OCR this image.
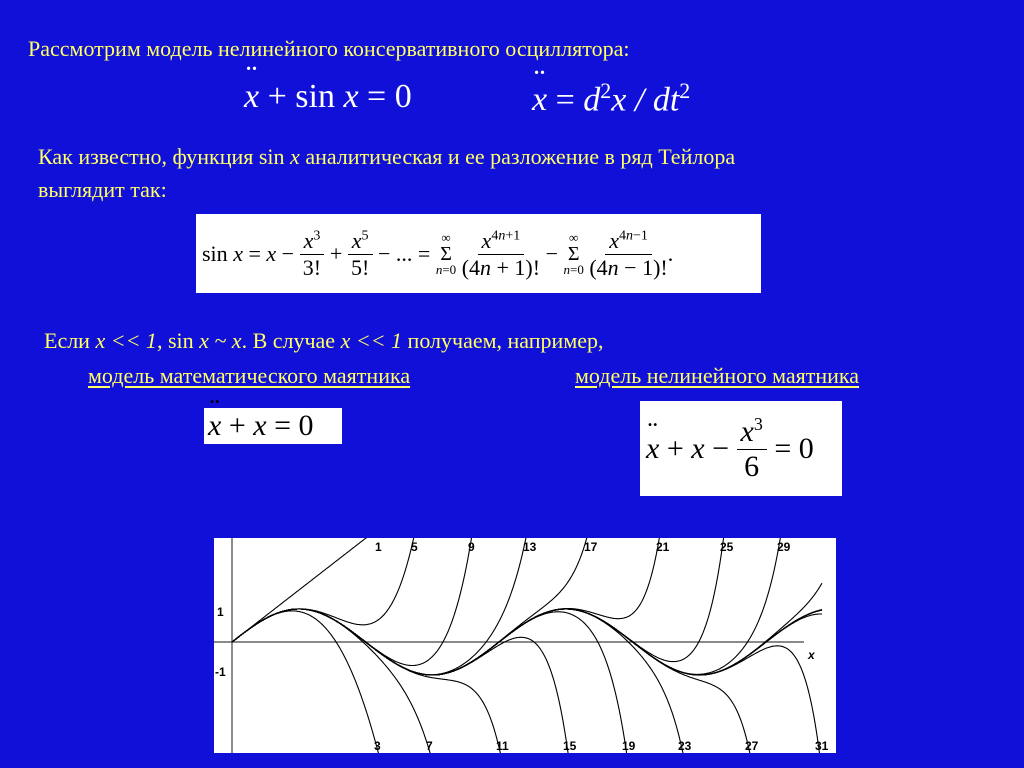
Рассмотрим модель нелинейного консервативного осциллятора:
¨ x + sin x = 0
¨	$x = d^2x / dt^2$
Как известно, функция sin x аналитическая и ее разложение в ряд Тейлора
выглядит так:
$\sin x = x - \frac{x^3}{3!} + \frac{x^5}{5!}$ − ... =
∞
Σ
n=0
$\frac{x^{4n+1}}{(4n + 1)!}$ −
∞
Σ
n=0
$\frac{x^{4n-1}}{(4n - 1)!}$ .
Если x << 1, sin x ~ x. В случае x << 1 получаем, например,
модель математического маятника	модель нелинейного маятника
¨ x + x = 0
¨ $x + x - \frac{x^3}{6} = 0$
x
1
-1
1 5	9	13	17	21	25	29
3	7	11	15	19	23	27	31
